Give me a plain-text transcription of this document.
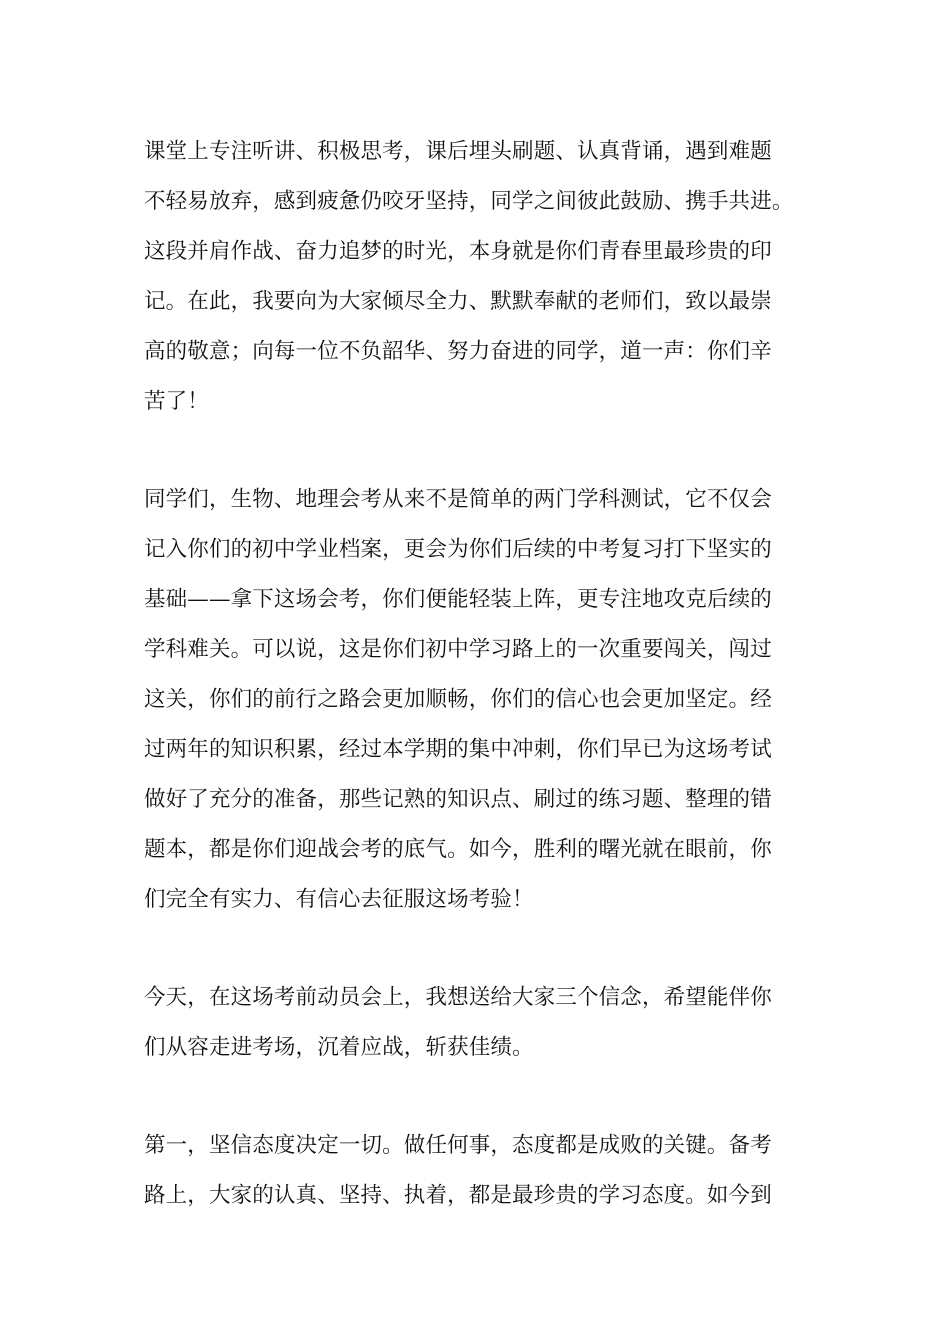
课堂上专注听讲、积极思考，课后埋头刷题、认真背诵，遇到难题
不轻易放弃，感到疲惫仍咬牙坚持，同学之间彼此鼓励、携手共进。
这段并肩作战、奋力追梦的时光，本身就是你们青春里最珍贵的印
记。在此，我要向为大家倾尽全力、默默奉献的老师们，致以最崇
高的敬意；向每一位不负韶华、努力奋进的同学，道一声：你们辛
苦了！
同学们，生物、地理会考从来不是简单的两门学科测试，它不仅会
记入你们的初中学业档案，更会为你们后续的中考复习打下坚实的
基础——拿下这场会考，你们便能轻装上阵，更专注地攻克后续的
学科难关。可以说，这是你们初中学习路上的一次重要闯关，闯过
这关，你们的前行之路会更加顺畅，你们的信心也会更加坚定。经
过两年的知识积累，经过本学期的集中冲刺，你们早已为这场考试
做好了充分的准备，那些记熟的知识点、刷过的练习题、整理的错
题本，都是你们迎战会考的底气。如今，胜利的曙光就在眼前，你
们完全有实力、有信心去征服这场考验！
今天，在这场考前动员会上，我想送给大家三个信念，希望能伴你
们从容走进考场，沉着应战，斩获佳绩。
第一，坚信态度决定一切。做任何事，态度都是成败的关键。备考
路上，大家的认真、坚持、执着，都是最珍贵的学习态度。如今到
